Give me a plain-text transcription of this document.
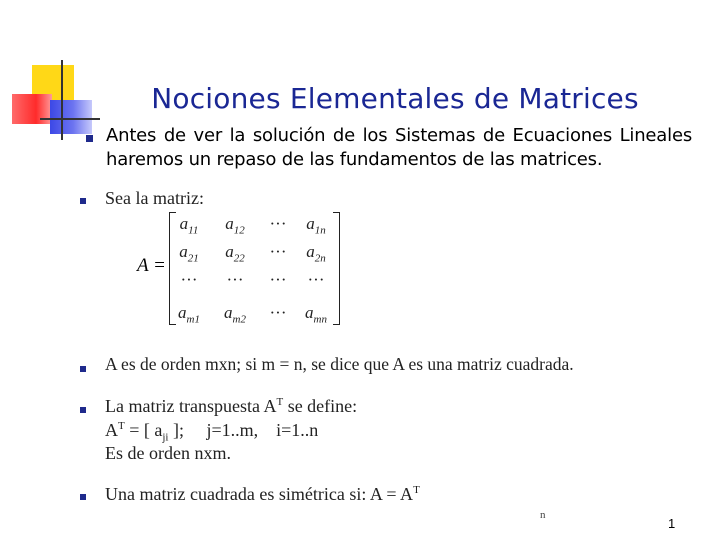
Nociones Elementales de Matrices
Antes de ver la solución de los Sistemas de Ecuaciones Lineales haremos un repaso de las fundamentos de las matrices.
Sea la matriz:
A =
$a_{11}$	$a_{12}$	···	$a_{1n}$
$a_{21}$	$a_{22}$	···	$a_{2n}$
···	···	···	···
$a_{m1}$	$a_{m2}$	···	$a_{mn}$
A es de orden mxn; si m = n, se dice que A es una matriz cuadrada.
La matriz transpuesta $A^T$ se define:
$A^T$ = [ $a_{ji}$ ];     j=1..m,    i=1..n
Es de orden nxm.
Una matriz cuadrada es simétrica si: $A = A^T$
n
1
